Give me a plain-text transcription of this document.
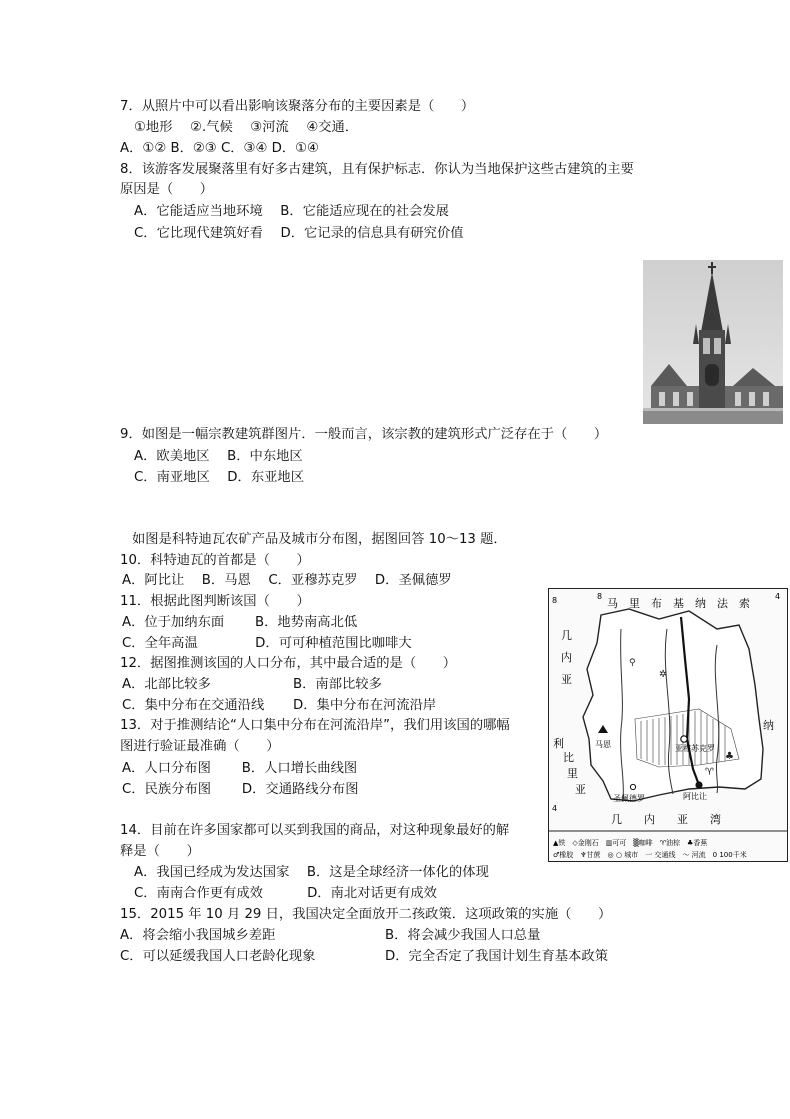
7．从照片中可以看出影响该聚落分布的主要因素是（　　）
①地形　 ②.气候　 ③河流　 ④交通．
A．①② B．②③ C．③④ D．①④
8．该游客发展聚落里有好多古建筑，且有保护标志．你认为当地保护这些古建筑的主要
原因是（　　）
A．它能适应当地环境　 B．它能适应现在的社会发展
C．它比现代建筑好看　 D．它记录的信息具有研究价值
9．如图是一幅宗教建筑群图片．一般而言，该宗教的建筑形式广泛存在于（　　）
A．欧美地区　 B．中东地区
C．南亚地区　 D．东亚地区
如图是科特迪瓦农矿产品及城市分布图，据图回答 10～13 题．
10．科特迪瓦的首都是（　　）
A．阿比让　 B．马恩　 C．亚穆苏克罗　 D．圣佩德罗
11．根据此图判断该国（　　）
A．位于加纳东面　　 B．地势南高北低
C．全年高温　　　　 D．可可种植范围比咖啡大
12．据图推测该国的人口分布，其中最合适的是（　　）
A．北部比较多	B．南部比较多
C．集中分布在交通沿线 D．集中分布在河流沿岸
13．对于推测结论“人口集中分布在河流沿岸”，我们用该国的哪幅
图进行验证最准确（　　）
A．人口分布图　　 B．人口增长曲线图
C．民族分布图　　 D．交通路线分布图
14．目前在许多国家都可以买到我国的商品，对这种现象最好的解
释是（　　）
A．我国已经成为发达国家　 B．这是全球经济一体化的体现
C．南南合作更有成效　　　 D．南北对话更有成效
15．2015 年 10 月 29 日，我国决定全面放开二孩政策．这项政策的实施（　　）
A．将会缩小我国城乡差距	B．将会减少我国人口总量
C．可以延缓我国人口老龄化现象	D．完全否定了我国计划生育基本政策
8	4
8
4
马　里　布　基　纳　法　索
几
内
亚
利
比
里
亚
纳
马恩	亚穆苏克罗
圣佩德罗	阿比让
✲
⚲
♣
♈
几　　内　　亚　　湾
▲铁　◇金刚石　▥可可　▒咖啡　♈油棕　♣香蕉
♂橡胶　♆甘蔗　◎ ○ 城市　一 交通线　〜 河流　0 100千米
